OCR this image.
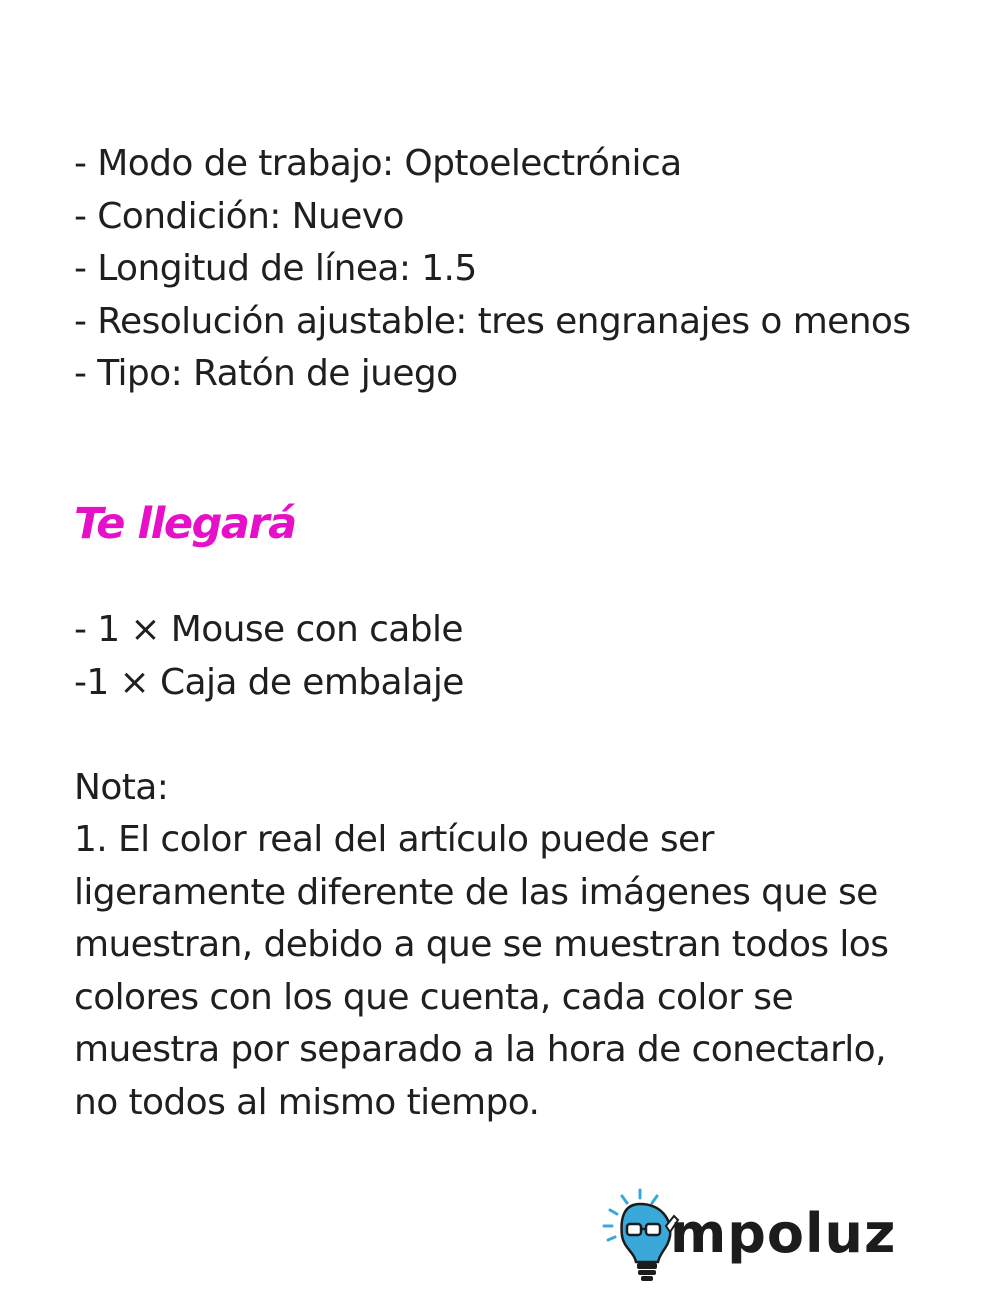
- Modo de trabajo: Optoelectrónica
- Condición: Nuevo
- Longitud de línea: 1.5
- Resolución ajustable: tres engranajes o menos
- Tipo: Ratón de juego
Te llegará
- 1 × Mouse con cable
-1 × Caja de embalaje

Nota:

1. El color real del artículo puede ser
ligeramente diferente de las imágenes que se
muestran, debido a que se muestran todos los
colores con los que cuenta, cada color se
muestra por separado a la hora de conectarlo,
no todos al mismo tiempo.

mpoluz
